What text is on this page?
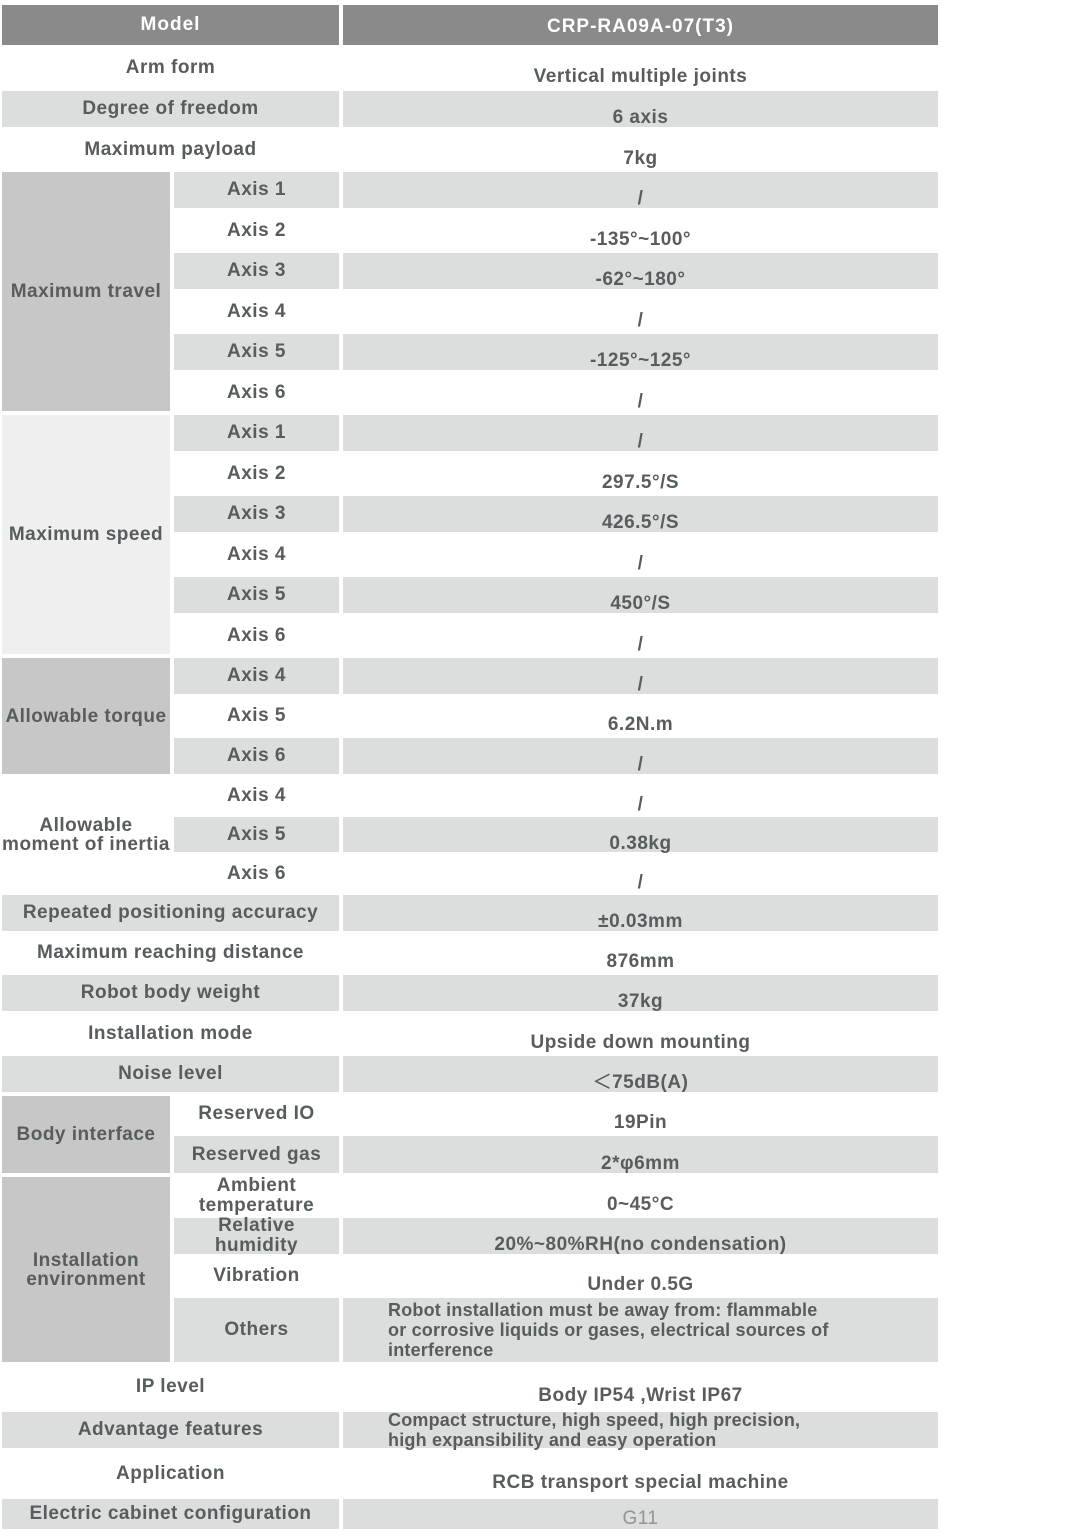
Model	CRP-RA09A-07(T3)
Arm form	Vertical multiple joints
Degree of freedom	6 axis
Maximum payload	7kg
Maximum travel
Axis 1	/
Axis 2	-135°~100°
Axis 3	-62°~180°
Axis 4	/
Axis 5	-125°~125°
Axis 6	/
Maximum speed
Axis 1	/
Axis 2	297.5°/S
Axis 3	426.5°/S
Axis 4	/
Axis 5	450°/S
Axis 6	/
Allowable torque
Axis 4	/
Axis 5	6.2N.m
Axis 6	/
Allowable moment of inertia
Axis 4	/
Axis 5	0.38kg
Axis 6	/
Repeated positioning accuracy	±0.03mm
Maximum reaching distance	876mm
Robot body weight	37kg
Installation mode	Upside down mounting
Noise level	＜75dB(A)
Body interface
Reserved IO	19Pin
Reserved gas	2*φ6mm
Installation environment
Ambient temperature	0~45°C
Relative humidity	20%~80%RH(no condensation)
Vibration	Under 0.5G
Others
Robot installation must be away from: flammable
or corrosive liquids or gases, electrical sources of
interference
IP level	Body IP54 ,Wrist IP67
Advantage features	Compact structure, high speed, high precision,
high expansibility and easy operation
Application	RCB transport special machine
Electric cabinet configuration	G11
